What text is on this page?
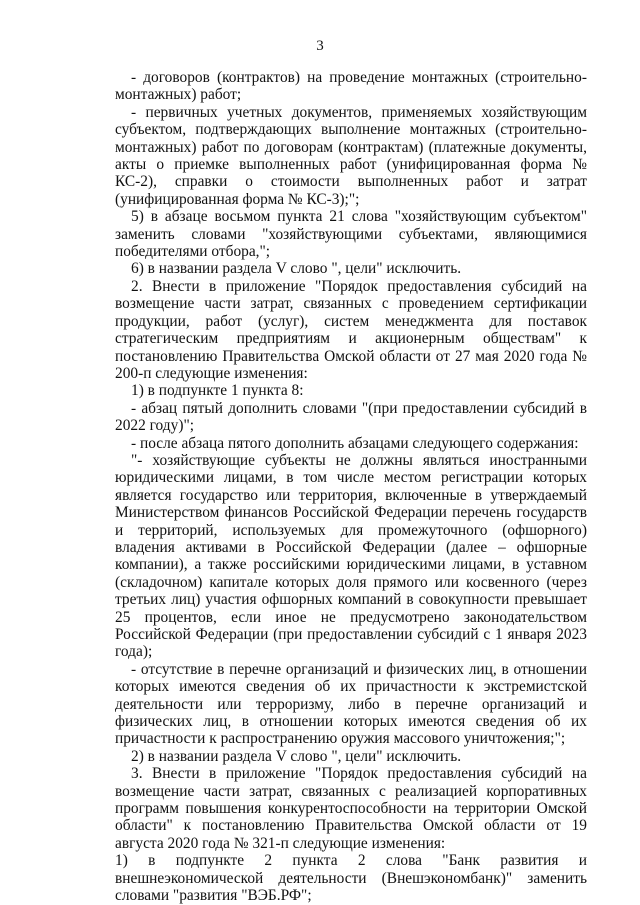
3

- договоров (контрактов) на проведение монтажных (строительно-монтажных) работ;

- первичных учетных документов, применяемых хозяйствующим субъектом, подтверждающих выполнение монтажных (строительно-монтажных) работ по договорам (контрактам) (платежные документы, акты о приемке выполненных работ (унифицированная форма № КС-2), справки о стоимости выполненных работ и затрат (унифицированная форма № КС-3);";

5) в абзаце восьмом пункта 21 слова "хозяйствующим субъектом" заменить словами "хозяйствующими субъектами, являющимися победителями отбора,";

6) в названии раздела V слово ", цели" исключить.

2. Внести в приложение "Порядок предоставления субсидий на возмещение части затрат, связанных с проведением сертификации продукции, работ (услуг), систем менеджмента для поставок стратегическим предприятиям и акционерным обществам" к постановлению Правительства Омской области от 27 мая 2020 года № 200-п следующие изменения:

1) в подпункте 1 пункта 8:

- абзац пятый дополнить словами "(при предоставлении субсидий в 2022 году)";

- после абзаца пятого дополнить абзацами следующего содержания:

"- хозяйствующие субъекты не должны являться иностранными юридическими лицами, в том числе местом регистрации которых является государство или территория, включенные в утверждаемый Министерством финансов Российской Федерации перечень государств и территорий, используемых для промежуточного (офшорного) владения активами в Российской Федерации (далее – офшорные компании), а также российскими юридическими лицами, в уставном (складочном) капитале которых доля прямого или косвенного (через третьих лиц) участия офшорных компаний в совокупности превышает 25 процентов, если иное не предусмотрено законодательством Российской Федерации (при предоставлении субсидий с 1 января 2023 года);

- отсутствие в перечне организаций и физических лиц, в отношении которых имеются сведения об их причастности к экстремистской деятельности или терроризму, либо в перечне организаций и физических лиц, в отношении которых имеются сведения об их причастности к распространению оружия массового уничтожения;";

2) в названии раздела V слово ", цели" исключить.

3. Внести в приложение "Порядок предоставления субсидий на возмещение части затрат, связанных с реализацией корпоративных программ повышения конкурентоспособности на территории Омской области" к постановлению Правительства Омской области от 19 августа 2020 года № 321-п следующие изменения:

1) в подпункте 2 пункта 2 слова "Банк развития и внешнеэкономической деятельности (Внешэкономбанк)" заменить словами "развития "ВЭБ.РФ";
